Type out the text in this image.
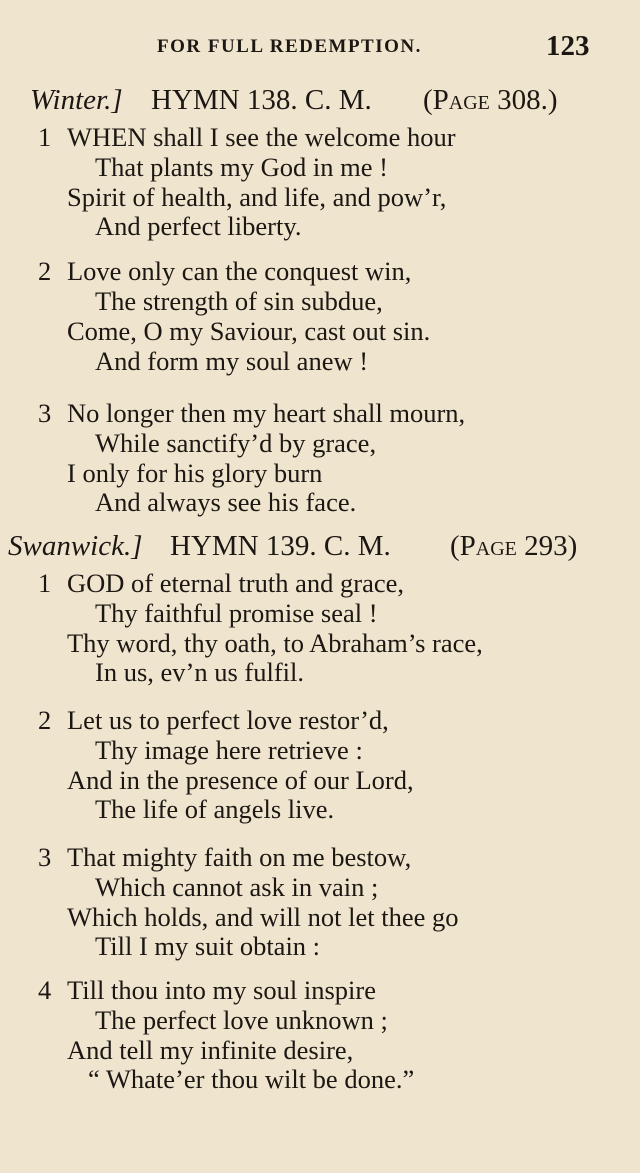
FOR FULL REDEMPTION.	123
Winter.] HYMN 138. C. M. (Page 308.)
1 WHEN shall I see the welcome hour
That plants my God in me !
Spirit of health, and life, and pow’r,
And perfect liberty.
2 Love only can the conquest win,
The strength of sin subdue,
Come, O my Saviour, cast out sin.
And form my soul anew !
3 No longer then my heart shall mourn,
While sanctify’d by grace,
I only for his glory burn
And always see his face.
Swanwick.] HYMN 139. C. M. (Page 293)
1 GOD of eternal truth and grace,
Thy faithful promise seal !
Thy word, thy oath, to Abraham’s race,
In us, ev’n us fulfil.
2 Let us to perfect love restor’d,
Thy image here retrieve :
And in the presence of our Lord,
The life of angels live.
3 That mighty faith on me bestow,
Which cannot ask in vain ;
Which holds, and will not let thee go
Till I my suit obtain :
4 Till thou into my soul inspire
The perfect love unknown ;
And tell my infinite desire,
“ Whate’er thou wilt be done.”
